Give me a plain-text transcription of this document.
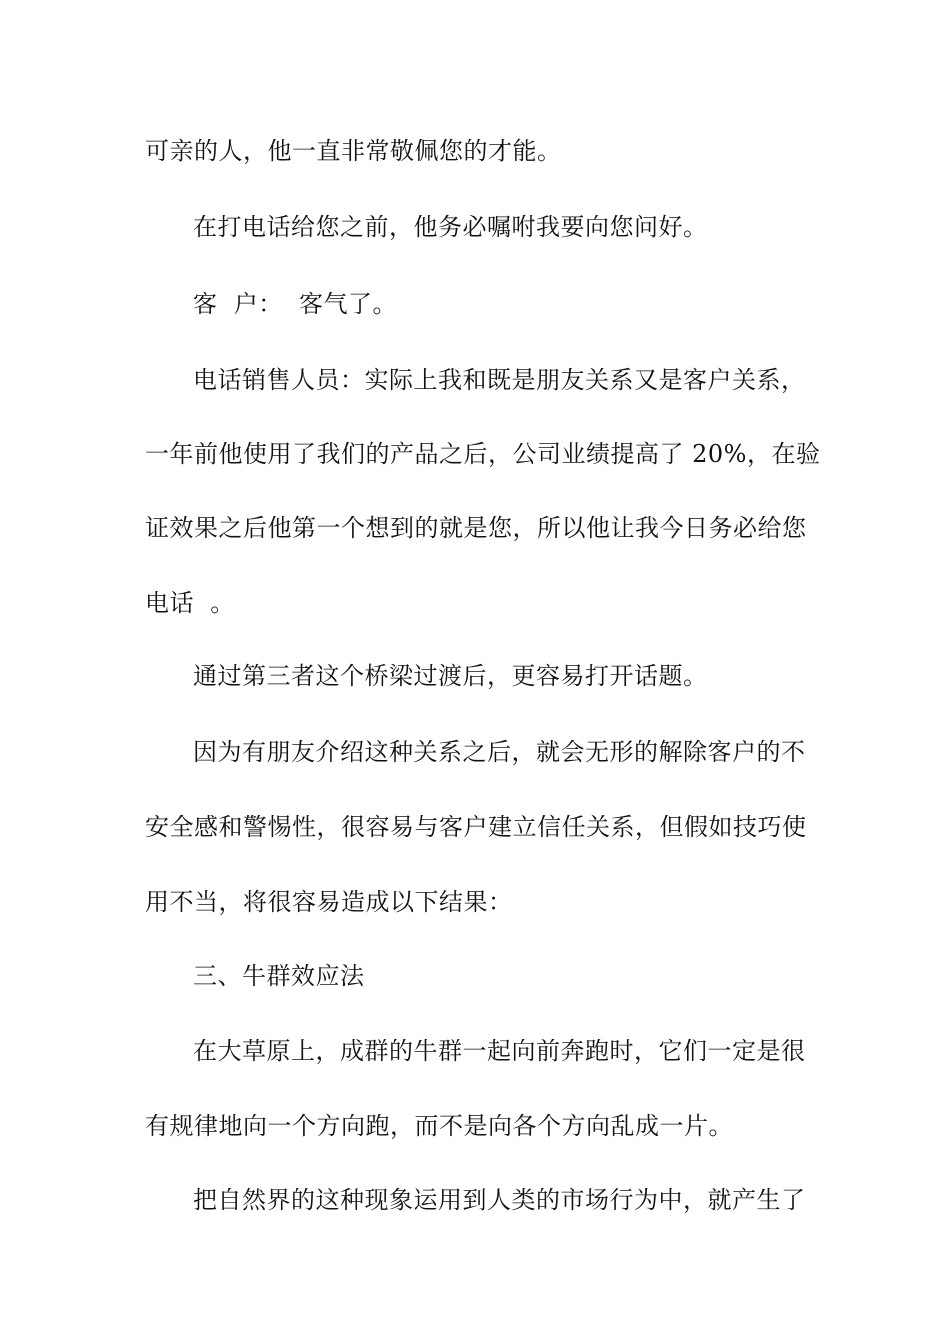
可亲的人，他一直非常敬佩您的才能。
在打电话给您之前，他务必嘱咐我要向您问好。
客  户：  客气了。
电话销售人员：实际上我和既是朋友关系又是客户关系，
一年前他使用了我们的产品之后，公司业绩提高了 20%，在验
证效果之后他第一个想到的就是您，所以他让我今日务必给您
电话  。
通过第三者这个桥梁过渡后，更容易打开话题。
因为有朋友介绍这种关系之后，就会无形的解除客户的不
安全感和警惕性，很容易与客户建立信任关系，但假如技巧使
用不当，将很容易造成以下结果：
三、牛群效应法
在大草原上，成群的牛群一起向前奔跑时，它们一定是很
有规律地向一个方向跑，而不是向各个方向乱成一片。
把自然界的这种现象运用到人类的市场行为中，就产生了
